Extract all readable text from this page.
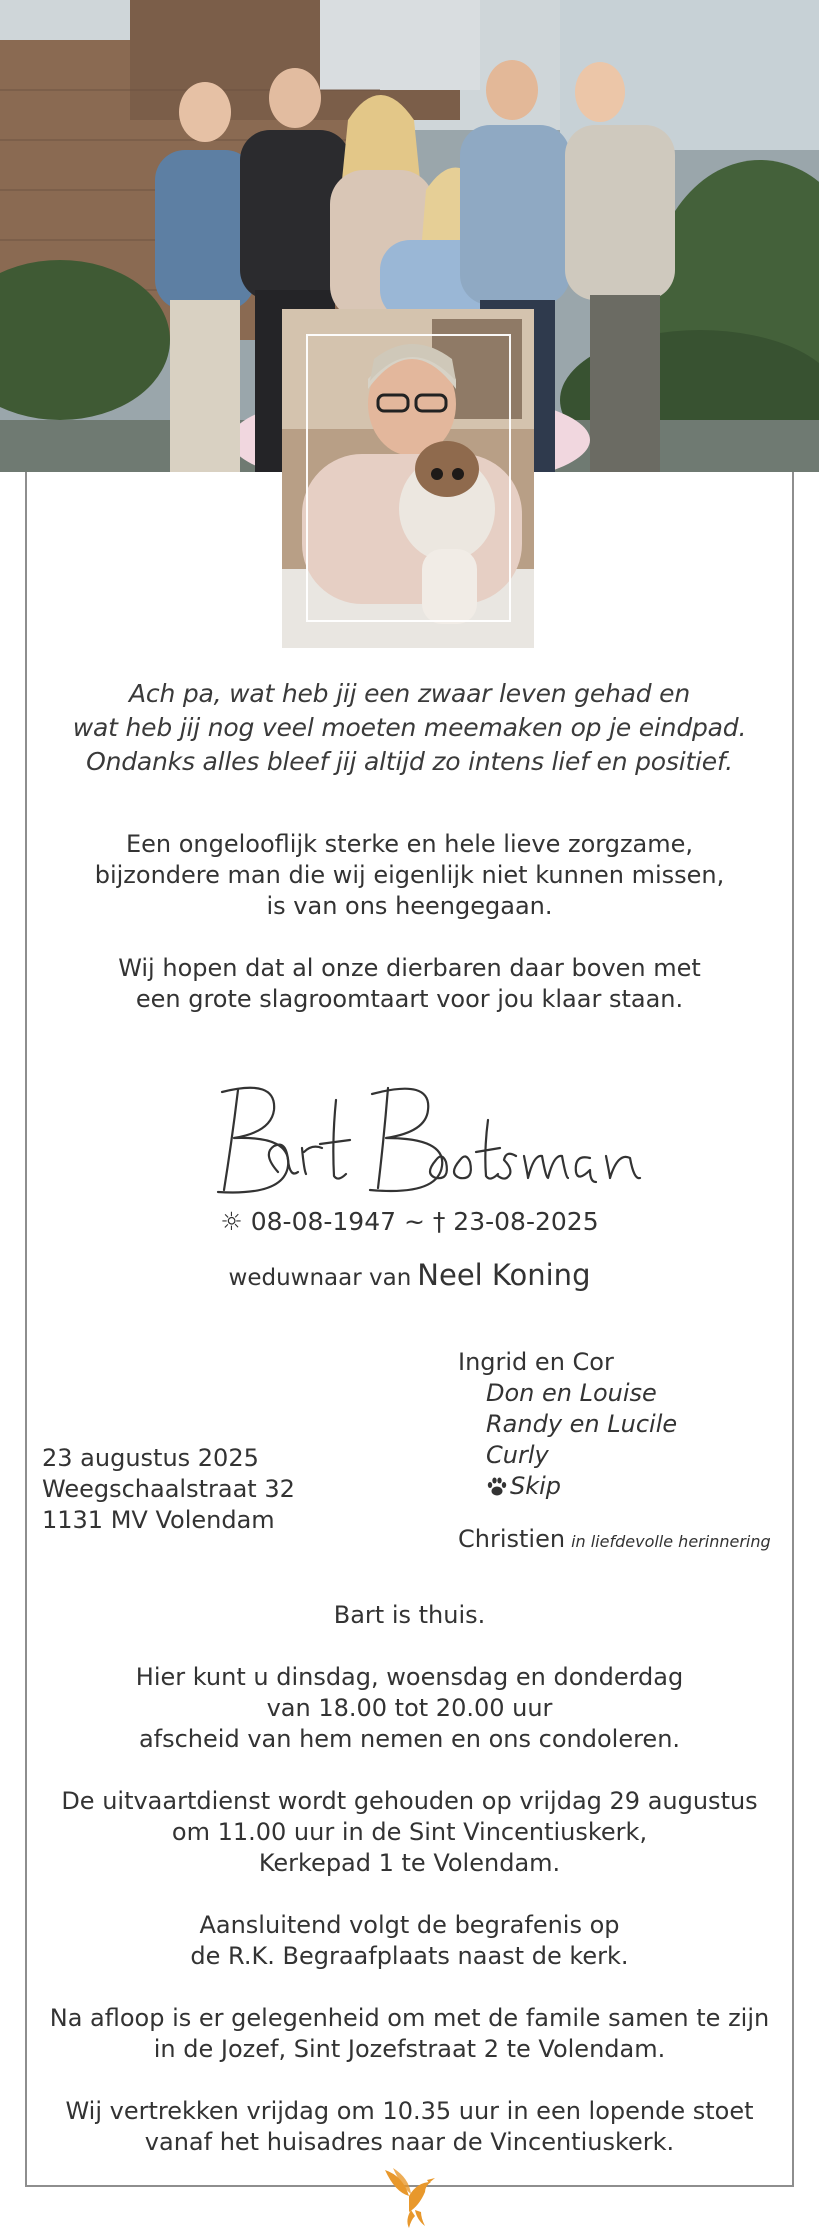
Ach pa, wat heb jij een zwaar leven gehad en
wat heb jij nog veel moeten meemaken op je eindpad.
Ondanks alles bleef jij altijd zo intens lief en positief.
Een ongelooflijk sterke en hele lieve zorgzame,
bijzondere man die wij eigenlijk niet kunnen missen,
is van ons heengegaan.
Wij hopen dat al onze dierbaren daar boven met
een grote slagroomtaart voor jou klaar staan.
☼ 08-08-1947 ~ † 23-08-2025
weduwnaar van Neel Koning
23 augustus 2025
Weegschaalstraat 32
1131 MV Volendam
Ingrid en Cor
Don en Louise
Randy en Lucile
Curly
Skip
Christien in liefdevolle herinnering
Bart is thuis.
Hier kunt u dinsdag, woensdag en donderdag
van 18.00 tot 20.00 uur
afscheid van hem nemen en ons condoleren.
De uitvaartdienst wordt gehouden op vrijdag 29 augustus
om 11.00 uur in de Sint Vincentiuskerk,
Kerkepad 1 te Volendam.
Aansluitend volgt de begrafenis op
de R.K. Begraafplaats naast de kerk.
Na afloop is er gelegenheid om met de famile samen te zijn
in de Jozef, Sint Jozefstraat 2 te Volendam.
Wij vertrekken vrijdag om 10.35 uur in een lopende stoet
vanaf het huisadres naar de Vincentiuskerk.
